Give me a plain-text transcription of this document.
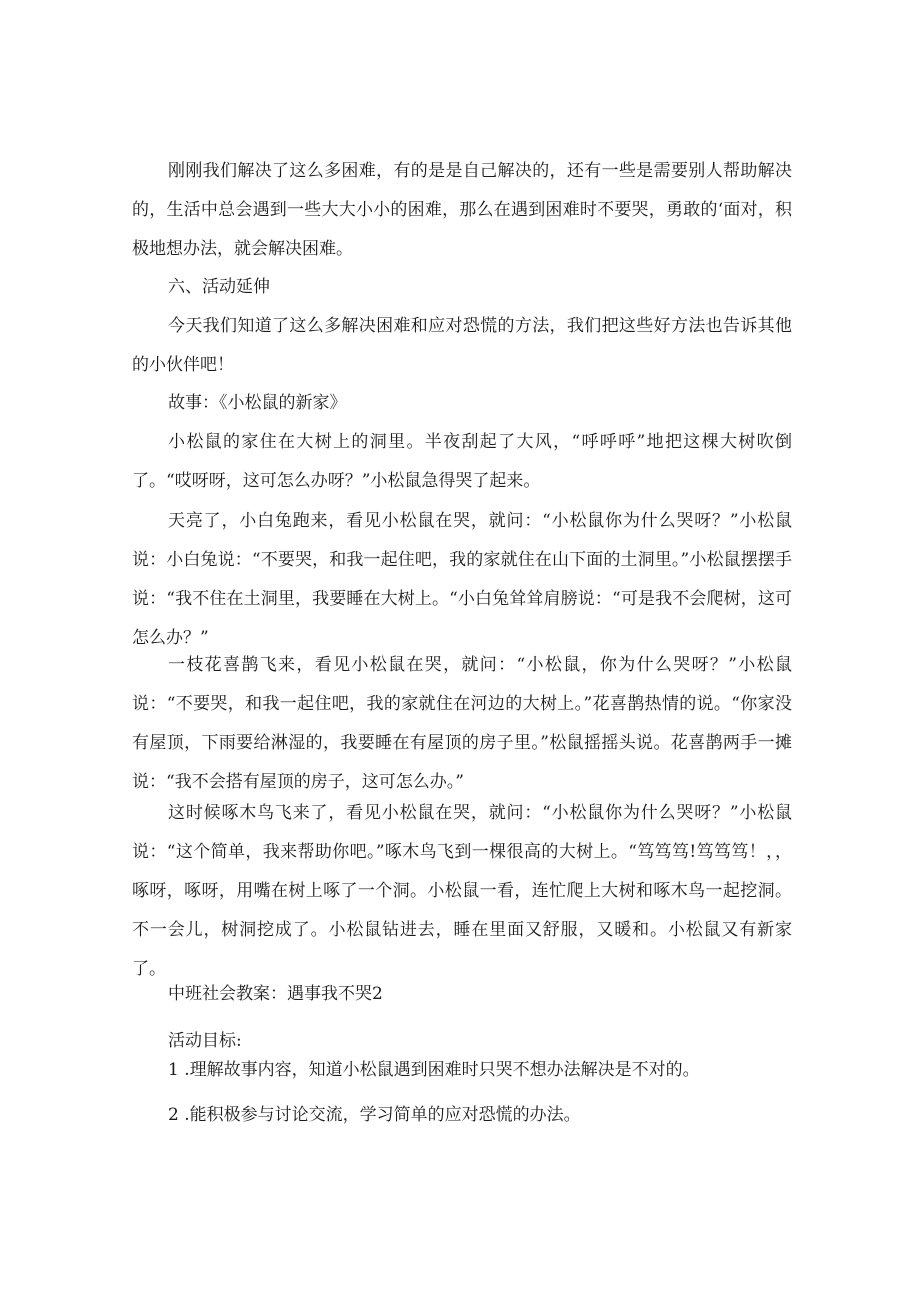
刚刚我们解决了这么多困难，有的是是自己解决的，还有一些是需要别人帮助解决的，生活中总会遇到一些大大小小的困难，那么在遇到困难时不要哭，勇敢的‘面对，积极地想办法，就会解决困难。

六、活动延伸

今天我们知道了这么多解决困难和应对恐慌的方法，我们把这些好方法也告诉其他的小伙伴吧！

故事：《小松鼠的新家》

小松鼠的家住在大树上的洞里。半夜刮起了大风，“呼呼呼”地把这棵大树吹倒了。“哎呀呀，这可怎么办呀？”小松鼠急得哭了起来。

天亮了，小白兔跑来，看见小松鼠在哭，就问：“小松鼠你为什么哭呀？”小松鼠说：小白兔说：“不要哭，和我一起住吧，我的家就住在山下面的土洞里。”小松鼠摆摆手说：“我不住在土洞里，我要睡在大树上。“小白兔耸耸肩膀说：“可是我不会爬树，这可怎么办？”

一枝花喜鹊飞来，看见小松鼠在哭，就问：“小松鼠，你为什么哭呀？”小松鼠说：“不要哭，和我一起住吧，我的家就住在河边的大树上。”花喜鹊热情的说。“你家没有屋顶，下雨要给淋湿的，我要睡在有屋顶的房子里。”松鼠摇摇头说。花喜鹊两手一摊说：“我不会搭有屋顶的房子，这可怎么办。”

这时候啄木鸟飞来了，看见小松鼠在哭，就问：“小松鼠你为什么哭呀？”小松鼠说：“这个简单，我来帮助你吧。”啄木鸟飞到一棵很高的大树上。“笃笃笃!笃笃笃！，，啄呀，啄呀，用嘴在树上啄了一个洞。小松鼠一看，连忙爬上大树和啄木鸟一起挖洞。不一会儿，树洞挖成了。小松鼠钻进去，睡在里面又舒服，又暖和。小松鼠又有新家了。

中班社会教案：遇事我不哭2

活动目标:

1 .理解故事内容，知道小松鼠遇到困难时只哭不想办法解决是不对的。

2 .能积极参与讨论交流，学习简单的应对恐慌的办法。
